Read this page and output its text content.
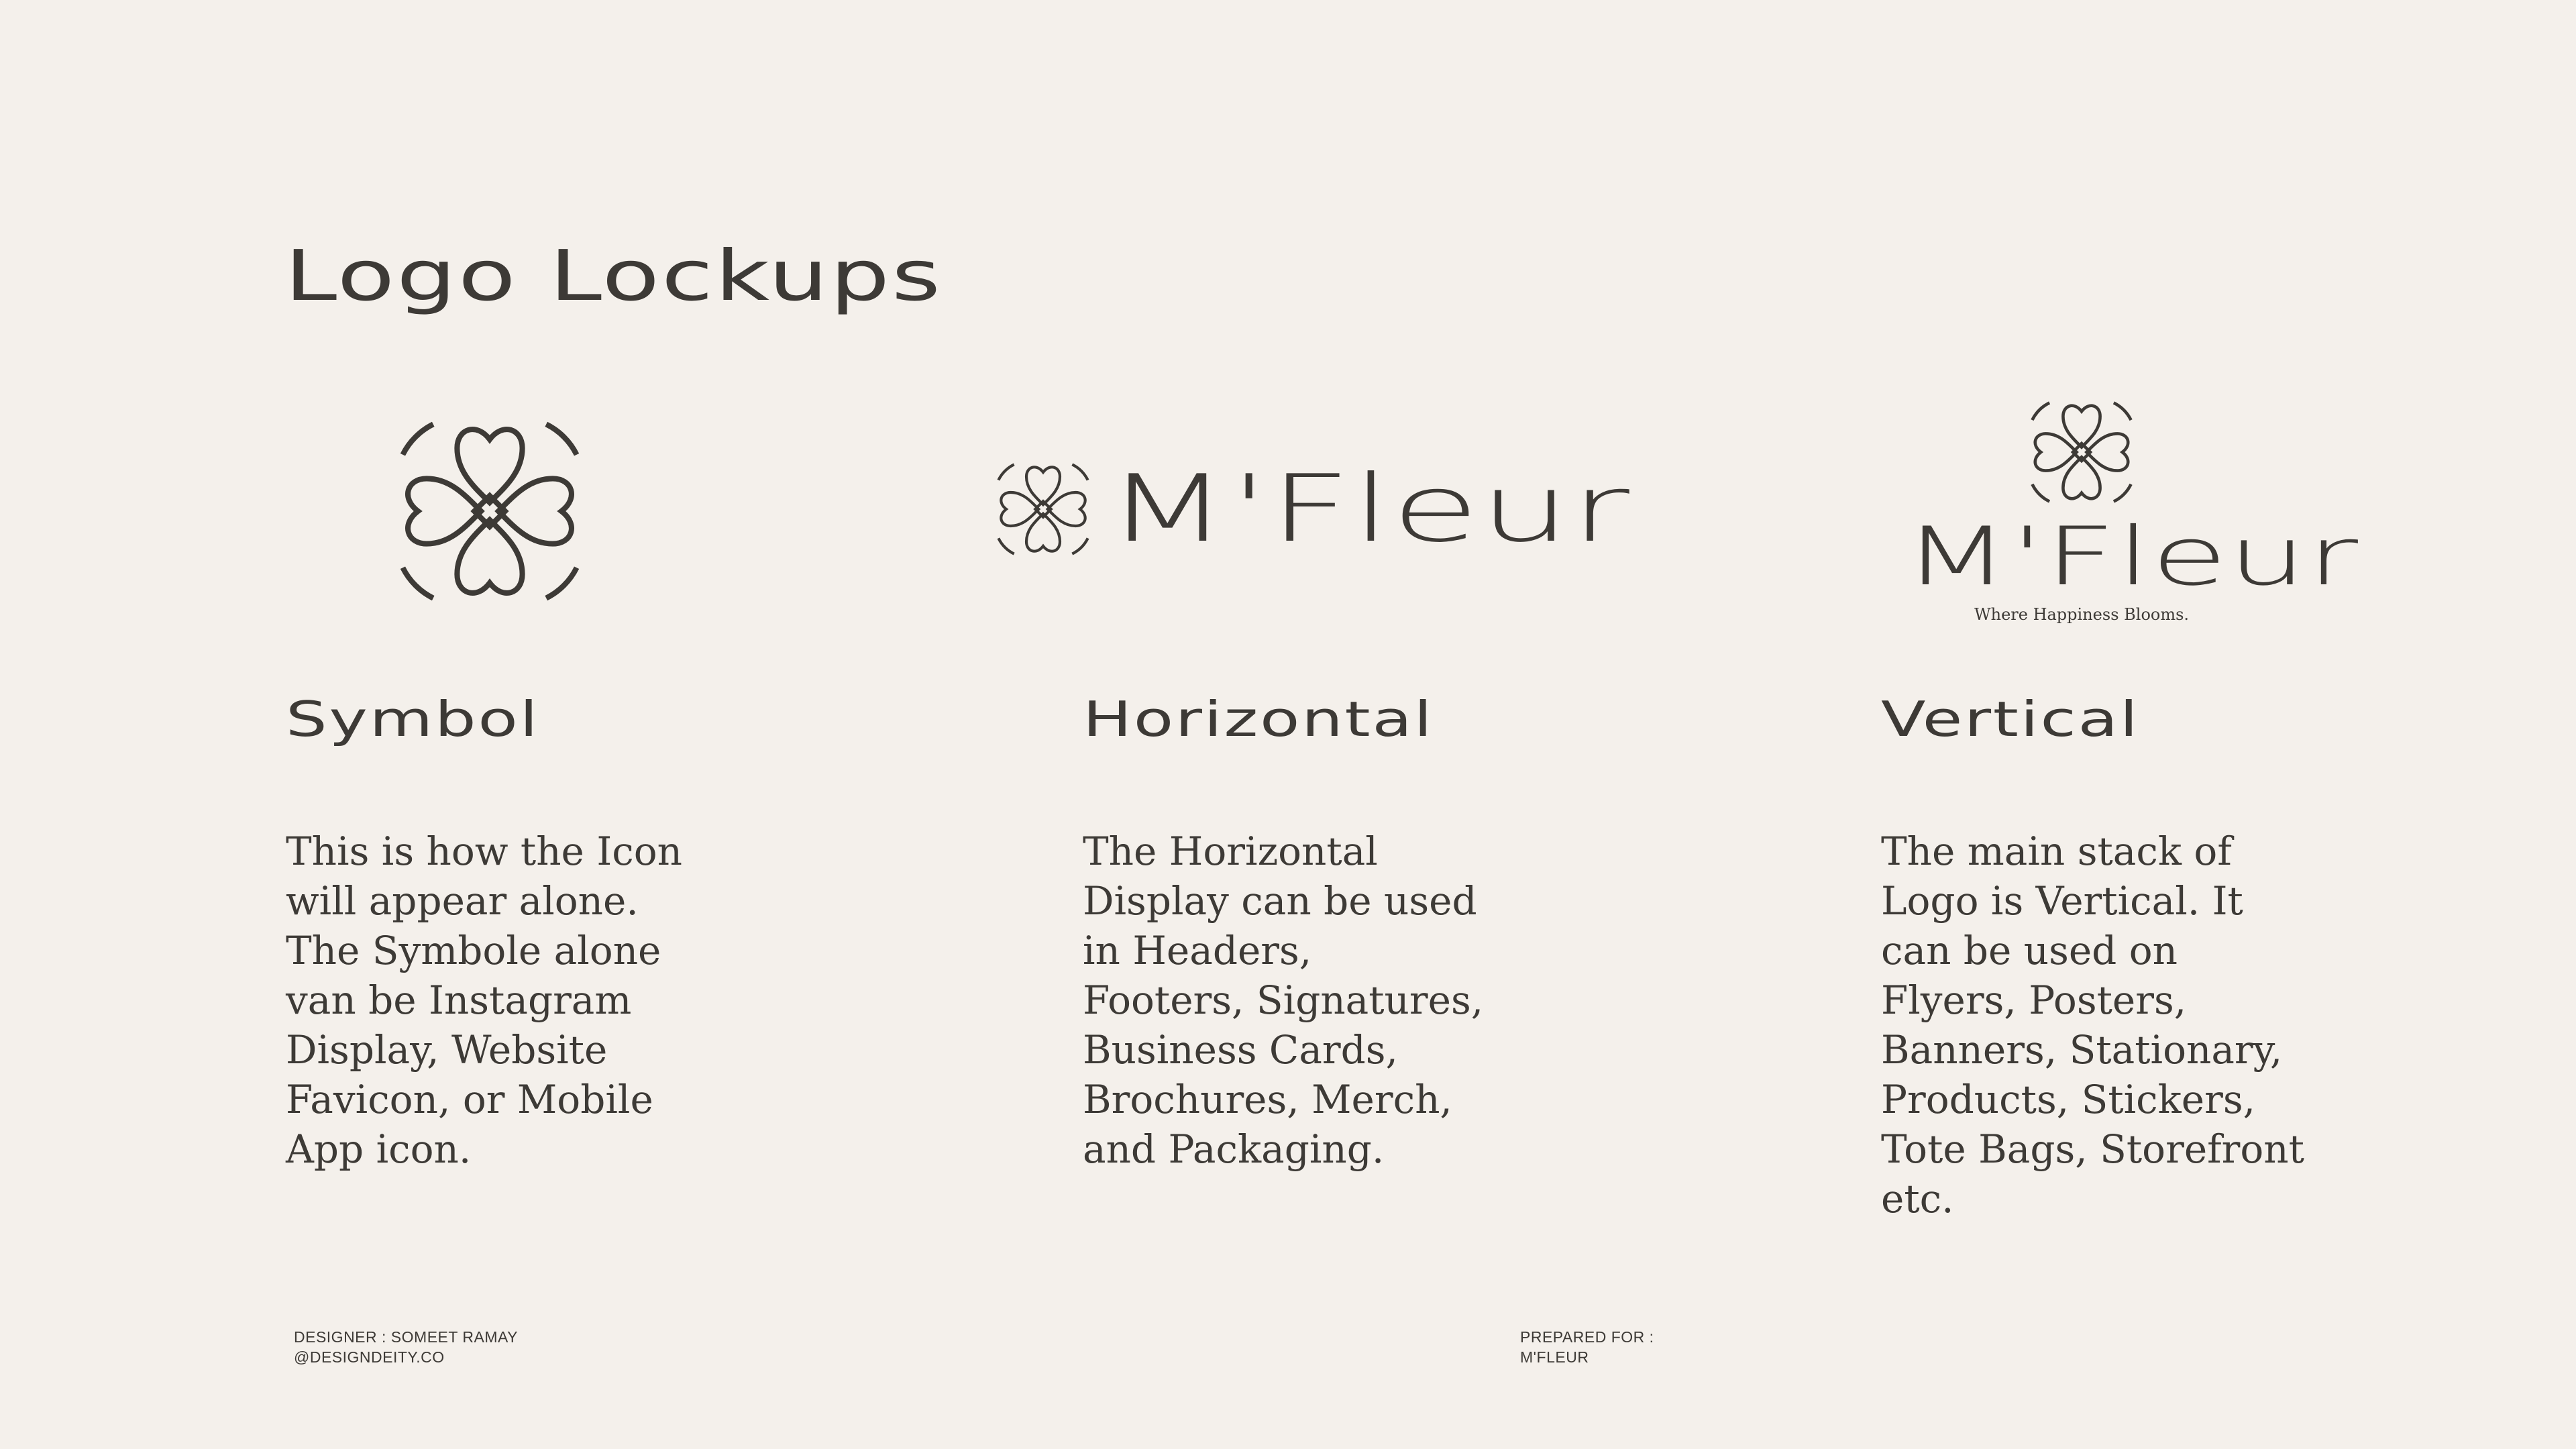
Logo Lockups
M'Fleur	M'Fleur
Where Happiness Blooms.
Symbol	Horizontal	Vertical

This is how the Icon will appear alone. The Symbole alone van be Instagram Display, Website Favicon, or Mobile App icon.

The Horizontal Display can be used in Headers, Footers, Signatures, Business Cards, Brochures, Merch, and Packaging.

The main stack of Logo is Vertical. It can be used on Flyers, Posters, Banners, Stationary, Products, Stickers, Tote Bags, Storefront etc.

DESIGNER : SOMEET RAMAY
@DESIGNDEITY.CO
PREPARED FOR :
M'FLEUR
